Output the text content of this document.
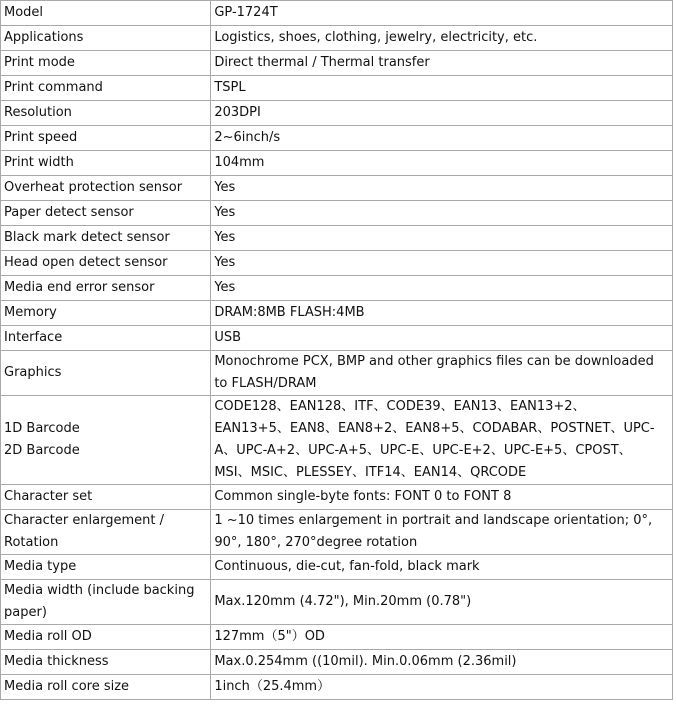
Model	GP-1724T
Applications	Logistics, shoes, clothing, jewelry, electricity, etc.
Print mode	Direct thermal / Thermal transfer
Print command	TSPL
Resolution	203DPI
Print speed	2~6inch/s
Print width	104mm
Overheat protection sensor	Yes
Paper detect sensor	Yes
Black mark detect sensor	Yes
Head open detect sensor	Yes
Media end error sensor	Yes
Memory	DRAM:8MB FLASH:4MB
Interface	USB
Graphics	Monochrome PCX, BMP and other graphics files can be downloaded
to FLASH/DRAM

1D Barcode
2D Barcode	CODE128、EAN128、ITF、CODE39、EAN13、EAN13+2、
EAN13+5、EAN8、EAN8+2、EAN8+5、CODABAR、POSTNET、UPC-
A、UPC-A+2、UPC-A+5、UPC-E、UPC-E+2、UPC-E+5、CPOST、
MSI、MSIC、PLESSEY、ITF14、EAN14、QRCODE

Character set	Common single-byte fonts: FONT 0 to FONT 8

Character enlargement /
Rotation	1 ~10 times enlargement in portrait and landscape orientation; 0°,
90°, 180°, 270°degree rotation

Media type	Continuous, die-cut, fan-fold, black mark

Media width (include backing
paper)	Max.120mm (4.72"), Min.20mm (0.78")
Media roll OD	127mm（5"）OD
Media thickness	Max.0.254mm ((10mil). Min.0.06mm (2.36mil)
Media roll core size	1inch（25.4mm）
